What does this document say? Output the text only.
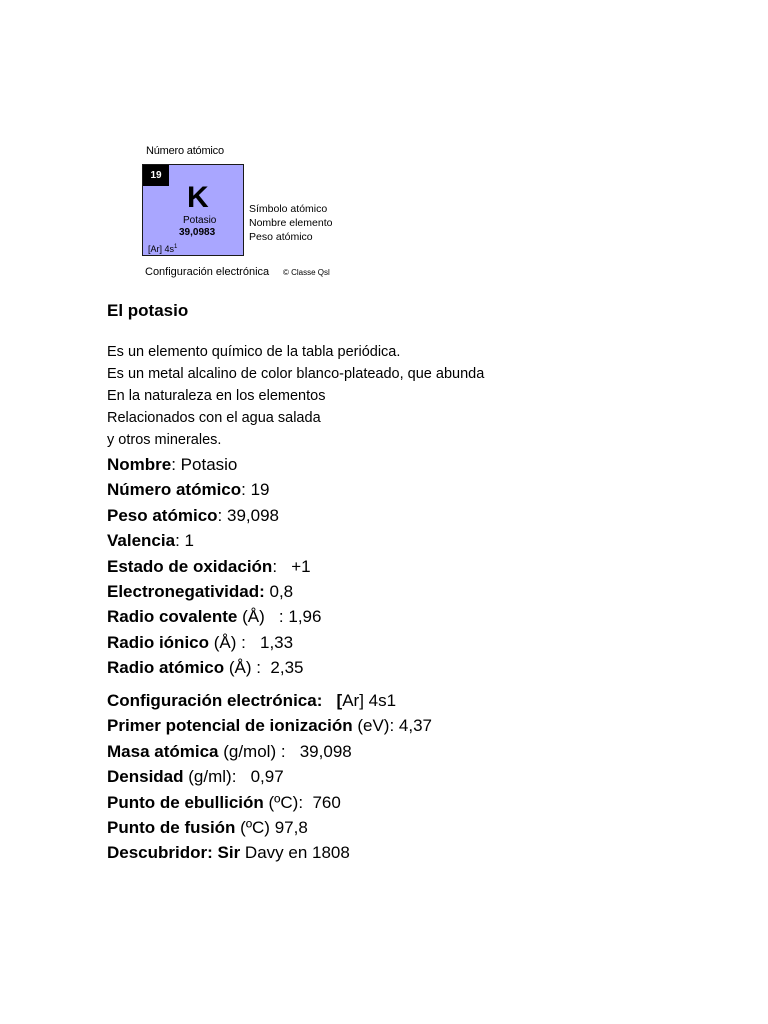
Número atómico
19
K
Potasio
39,0983
[Ar] $4s^1$
Símbolo atómico
Nombre elemento
Peso atómico
Configuración electrónica © Classe Qsl
El potasio
Es un elemento químico de la tabla periódica.
Es un metal alcalino de color blanco-plateado, que abunda
En la naturaleza en los elementos
Relacionados con el agua salada
y otros minerales.
Nombre: Potasio
Número atómico: 19
Peso atómico: 39,098
Valencia: 1
Estado de oxidación:   +1
Electronegatividad: 0,8
Radio covalente (Å)   : 1,96
Radio iónico (Å) :   1,33
Radio atómico (Å) :  2,35
Configuración electrónica:   [Ar] 4s1
Primer potencial de ionización (eV): 4,37
Masa atómica (g/mol) :   39,098
Densidad (g/ml):   0,97
Punto de ebullición (ºC):  760
Punto de fusión (ºC) 97,8
Descubridor: Sir Davy en 1808
